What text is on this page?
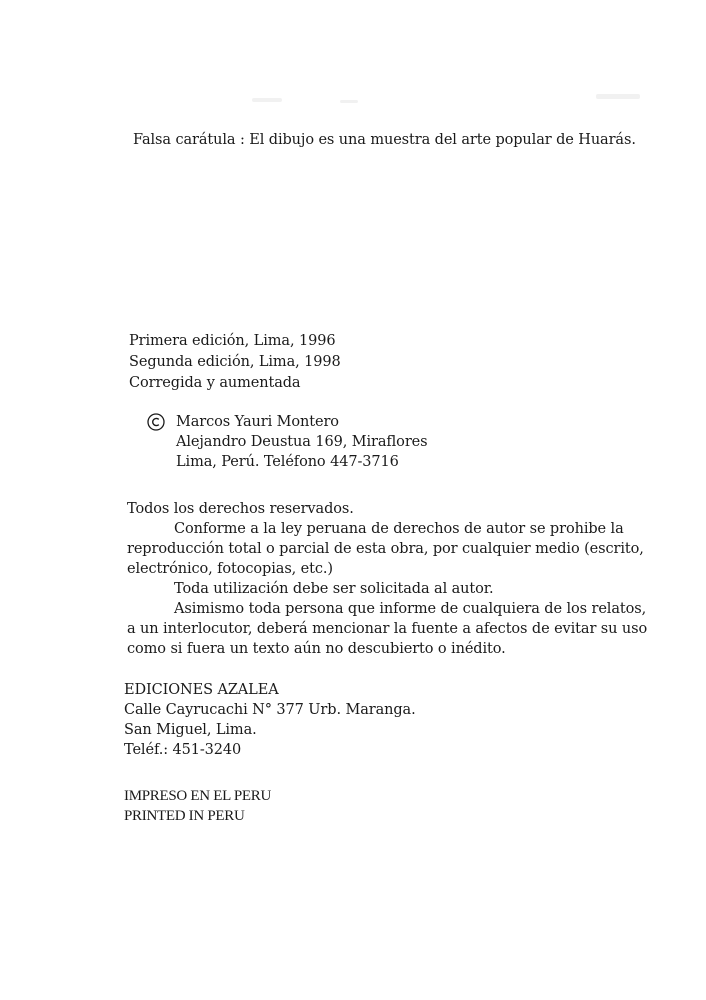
Falsa carátula : El dibujo es una muestra del arte popular de Huarás.
Primera edición, Lima, 1996
Segunda edición, Lima, 1998
Corregida y aumentada
Marcos Yauri Montero
Alejandro Deustua 169, Miraflores
Lima, Perú. Teléfono 447-3716
Todos los derechos reservados.
Conforme a la ley peruana de derechos de autor se prohibe la
reproducción total o parcial de esta obra, por cualquier medio (escrito,
electrónico, fotocopias, etc.)
Toda utilización debe ser solicitada al autor.
Asimismo toda persona que informe de cualquiera de los relatos,
a un interlocutor, deberá mencionar la fuente a afectos de evitar su uso
como si fuera un texto aún no descubierto o inédito.
EDICIONES AZALEA
Calle Cayrucachi N° 377 Urb. Maranga.
San Miguel, Lima.
Teléf.: 451-3240
IMPRESO EN EL PERU
PRINTED IN PERU
